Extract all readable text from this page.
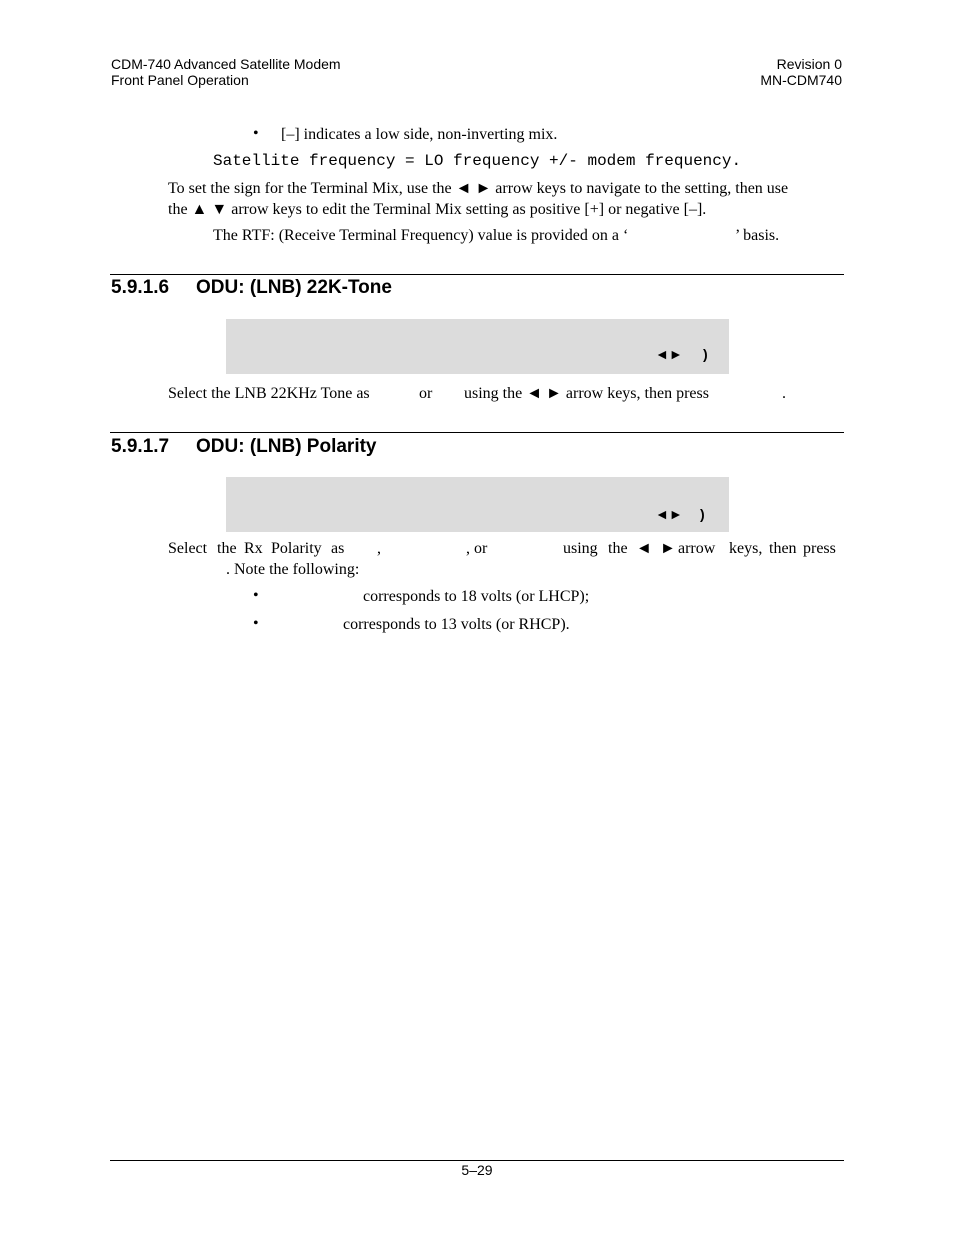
CDM-740 Advanced Satellite Modem
Front Panel Operation
Revision 0
MN-CDM740
• [–] indicates a low side, non-inverting mix.
Satellite frequency = LO frequency +/- modem frequency.
To set the sign for the Terminal Mix, use the ◄ ► arrow keys to navigate to the setting, then use
the ▲ ▼ arrow keys to edit the Terminal Mix setting as positive [+] or negative [–].
The RTF: (Receive Terminal Frequency) value is provided on a ‘	’ basis.
5.9.1.6 ODU: (LNB) 22K-Tone
◄► )
Select the LNB 22KHz Tone as	or using the ◄ ► arrow keys, then press	.
5.9.1.7 ODU: (LNB) Polarity
◄► )
Select the Rx Polarity as ,	, or	using the ◄ ► arrow keys, then press
. Note the following:
•	corresponds to 18 volts (or LHCP);
•	corresponds to 13 volts (or RHCP).
5–29
